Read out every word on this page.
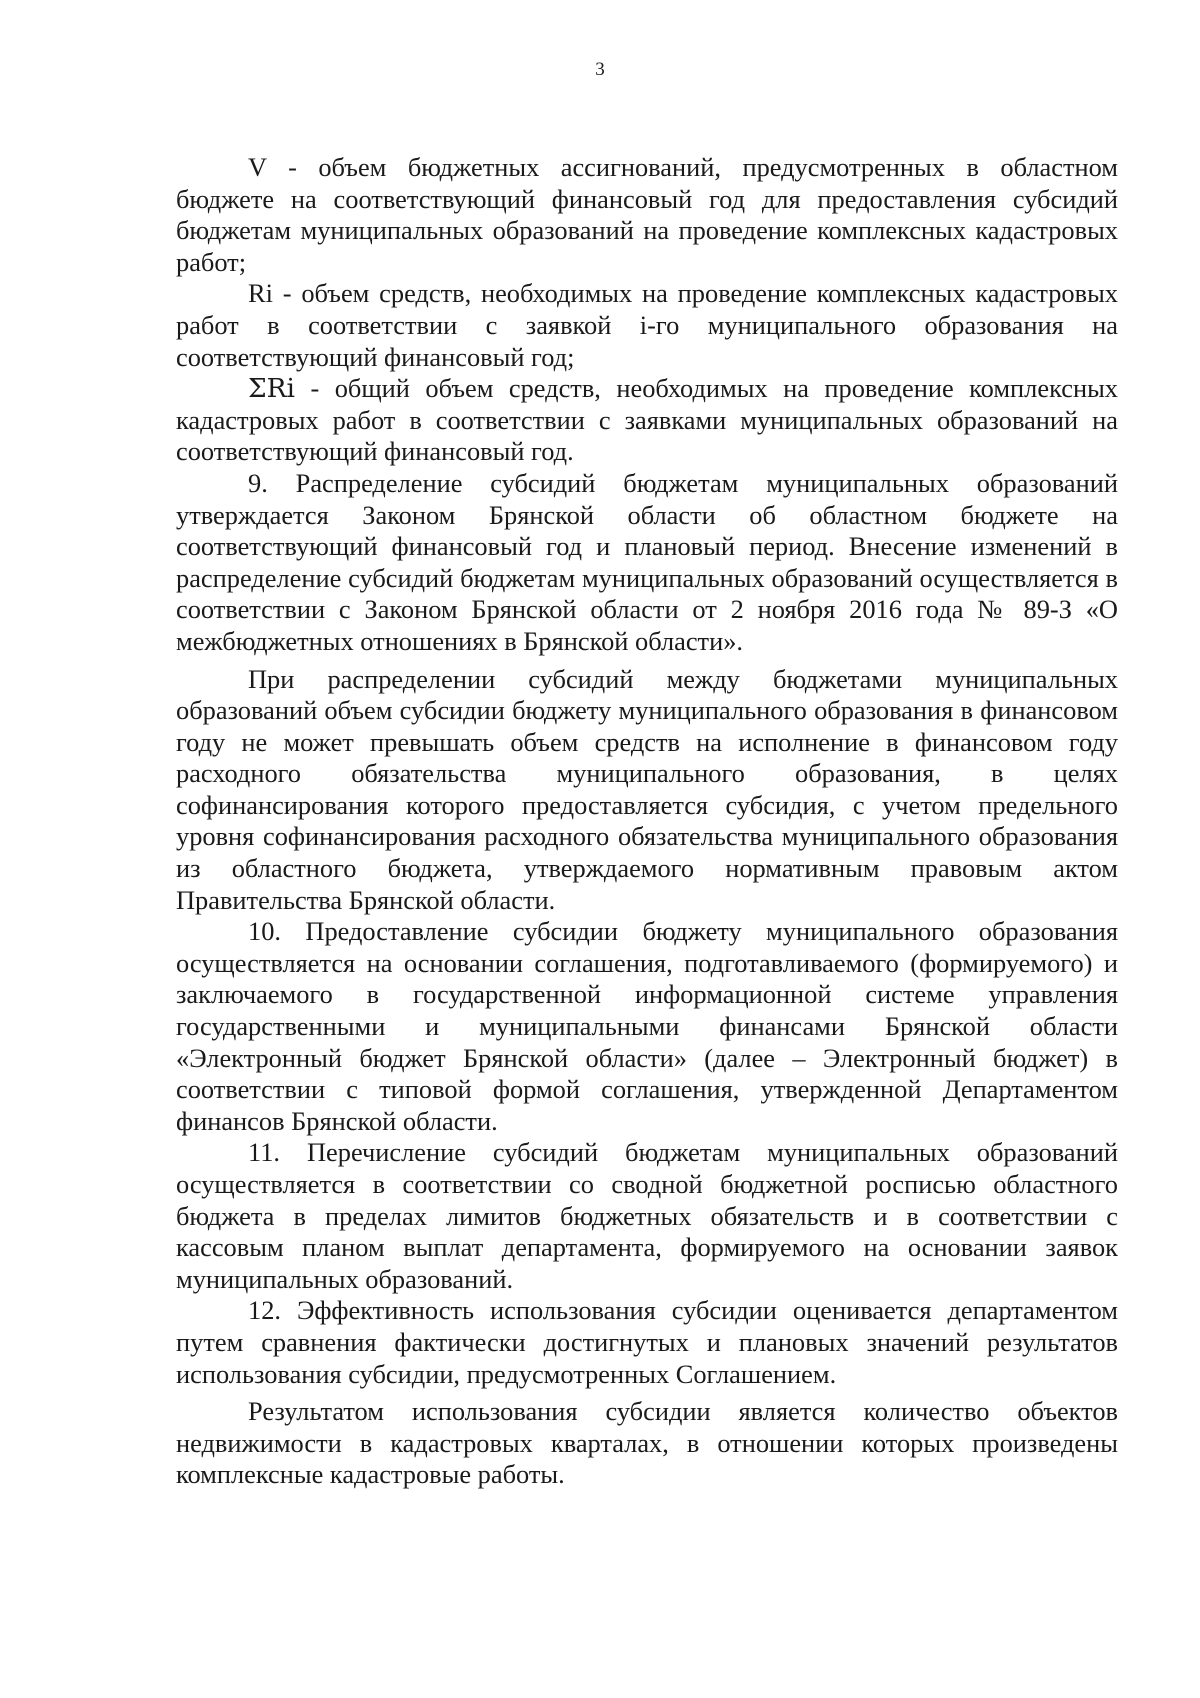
3

V - объем бюджетных ассигнований, предусмотренных в областном бюджете на соответствующий финансовый год для предоставления субсидий бюджетам муниципальных образований на проведение комплексных кадастровых работ;

Ri - объем средств, необходимых на проведение комплексных кадастровых работ в соответствии с заявкой i-го муниципального образования на соответствующий финансовый год;

ΣRi - общий объем средств, необходимых на проведение комплексных кадастровых работ в соответствии с заявками муниципальных образований на соответствующий финансовый год.

9. Распределение субсидий бюджетам муниципальных образований утверждается Законом Брянской области об областном бюджете на соответствующий финансовый год и плановый период. Внесение изменений в распределение субсидий бюджетам муниципальных образований осуществляется в соответствии с Законом Брянской области от 2 ноября 2016 года № 89-З «О межбюджетных отношениях в Брянской области».

При распределении субсидий между бюджетами муниципальных образований объем субсидии бюджету муниципального образования в финансовом году не может превышать объем средств на исполнение в финансовом году расходного обязательства муниципального образования, в целях софинансирования которого предоставляется субсидия, с учетом предельного уровня софинансирования расходного обязательства муниципального образования из областного бюджета, утверждаемого нормативным правовым актом Правительства Брянской области.

10. Предоставление субсидии бюджету муниципального образования осуществляется на основании соглашения, подготавливаемого (формируемого) и заключаемого в государственной информационной системе управления государственными и муниципальными финансами Брянской области «Электронный бюджет Брянской области» (далее – Электронный бюджет) в соответствии с типовой формой соглашения, утвержденной Департаментом финансов Брянской области.

11. Перечисление субсидий бюджетам муниципальных образований осуществляется в соответствии со сводной бюджетной росписью областного бюджета в пределах лимитов бюджетных обязательств и в соответствии с кассовым планом выплат департамента, формируемого на основании заявок муниципальных образований.

12. Эффективность использования субсидии оценивается департаментом путем сравнения фактически достигнутых и плановых значений результатов использования субсидии, предусмотренных Соглашением.

Результатом использования субсидии является количество объектов недвижимости в кадастровых кварталах, в отношении которых произведены комплексные кадастровые работы.
